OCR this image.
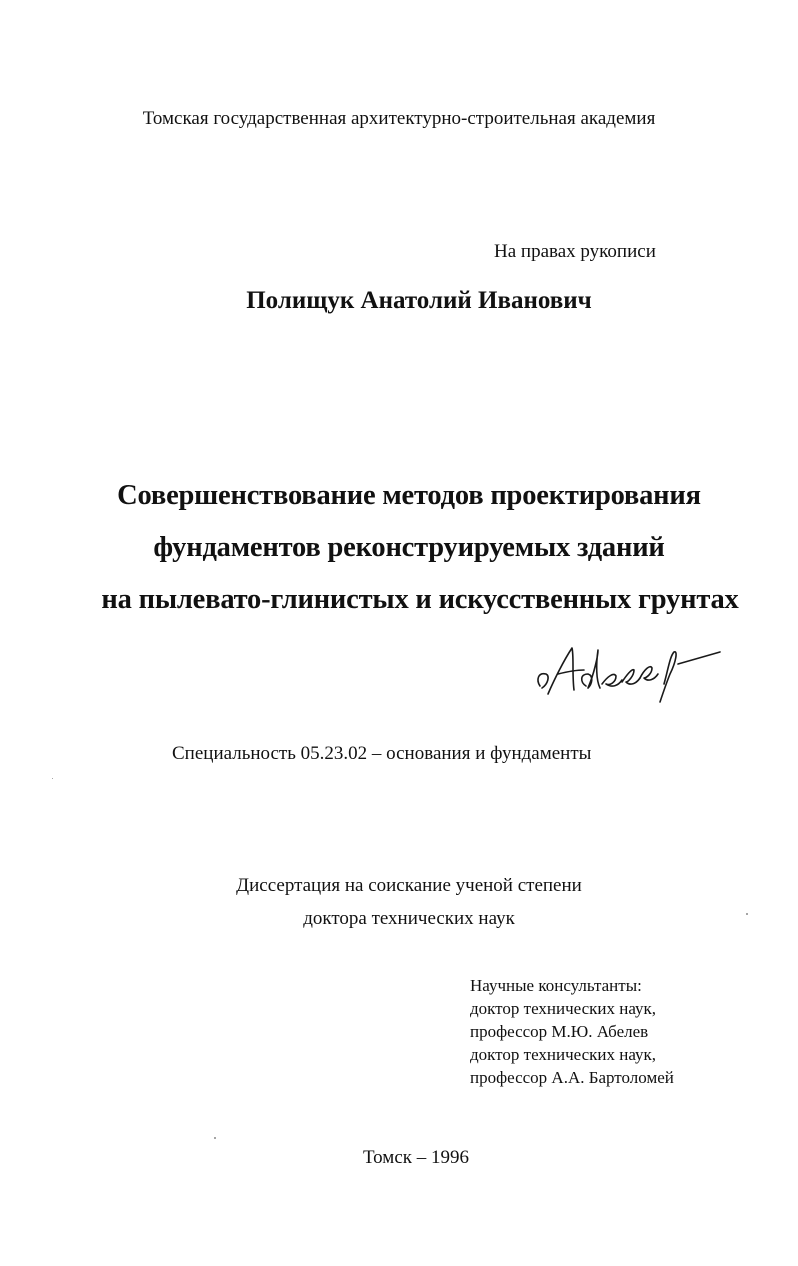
Томская государственная архитектурно-строительная академия
На правах рукописи
Полищук Анатолий Иванович
Совершенствование методов проектирования
фундаментов реконструируемых зданий
на пылевато-глинистых и искусственных грунтах
Специальность 05.23.02 – основания и фундаменты
Диссертация на соискание ученой степени
доктора технических наук
Научные консультанты:
доктор технических наук,
профессор М.Ю. Абелев
доктор технических наук,
профессор А.А. Бартоломей
Томск – 1996
